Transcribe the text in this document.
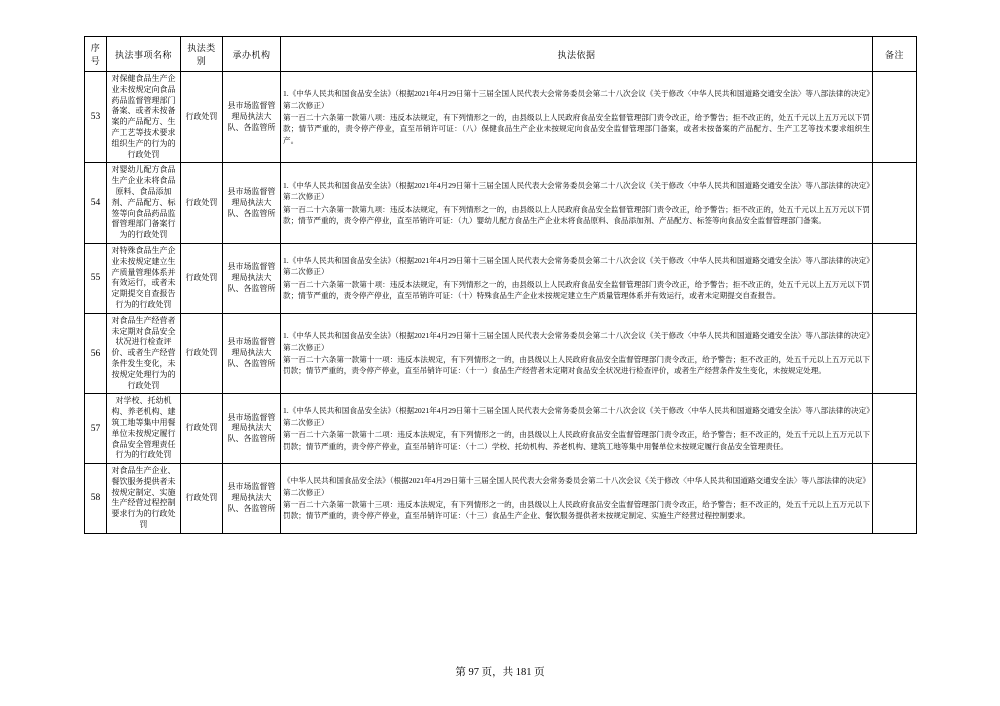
序号	执法事项名称	执法类别	承办机构	执法依据	备注
53	对保健食品生产企业未按规定向食品药品监督管理部门备案、或者未按备案的产品配方、生产工艺等技术要求组织生产的行为的行政处罚	行政处罚	县市场监督管理局执法大队、各监管所	1.《中华人民共和国食品安全法》（根据2021年4月29日第十三届全国人民代表大会常务委员会第二十八次会议《关于修改〈中华人民共和国道路交通安全法〉等八部法律的决定》第二次修正）

第一百二十六条第一款第八项：违反本法规定，有下列情形之一的，由县级以上人民政府食品安全监督管理部门责令改正，给予警告；拒不改正的，处五千元以上五万元以下罚款；情节严重的，责令停产停业，直至吊销许可证：（八）保健食品生产企业未按规定向食品安全监督管理部门备案，或者未按备案的产品配方、生产工艺等技术要求组织生产。	

54	对婴幼儿配方食品生产企业未将食品原料、食品添加剂、产品配方、标签等向食品药品监督管理部门备案行为的行政处罚	行政处罚	县市场监督管理局执法大队、各监管所	1.《中华人民共和国食品安全法》（根据2021年4月29日第十三届全国人民代表大会常务委员会第二十八次会议《关于修改〈中华人民共和国道路交通安全法〉等八部法律的决定》第二次修正）

第一百二十六条第一款第九项：违反本法规定，有下列情形之一的，由县级以上人民政府食品安全监督管理部门责令改正，给予警告；拒不改正的，处五千元以上五万元以下罚款；情节严重的，责令停产停业，直至吊销许可证：（九）婴幼儿配方食品生产企业未将食品原料、食品添加剂、产品配方、标签等向食品安全监督管理部门备案。	

55	对特殊食品生产企业未按规定建立生产质量管理体系并有效运行，或者未定期提交自查报告行为的行政处罚	行政处罚	县市场监督管理局执法大队、各监管所	1.《中华人民共和国食品安全法》（根据2021年4月29日第十三届全国人民代表大会常务委员会第二十八次会议《关于修改〈中华人民共和国道路交通安全法〉等八部法律的决定》第二次修正）

第一百二十六条第一款第十项：违反本法规定，有下列情形之一的，由县级以上人民政府食品安全监督管理部门责令改正，给予警告；拒不改正的，处五千元以上五万元以下罚款；情节严重的，责令停产停业，直至吊销许可证：（十）特殊食品生产企业未按规定建立生产质量管理体系并有效运行，或者未定期提交自查报告。	

56	对食品生产经营者未定期对食品安全状况进行检查评价、或者生产经营条件发生变化，未按规定处理行为的行政处罚	行政处罚	县市场监督管理局执法大队、各监管所	1.《中华人民共和国食品安全法》（根据2021年4月29日第十三届全国人民代表大会常务委员会第二十八次会议《关于修改〈中华人民共和国道路交通安全法〉等八部法律的决定》第二次修正）

第一百二十六条第一款第十一项：违反本法规定，有下列情形之一的，由县级以上人民政府食品安全监督管理部门责令改正，给予警告；拒不改正的，处五千元以上五万元以下罚款；情节严重的，责令停产停业，直至吊销许可证：（十一）食品生产经营者未定期对食品安全状况进行检查评价，或者生产经营条件发生变化，未按规定处理。	

57	对学校、托幼机构、养老机构、建筑工地等集中用餐单位未按规定履行食品安全管理责任行为的行政处罚	行政处罚	县市场监督管理局执法大队、各监管所	1.《中华人民共和国食品安全法》（根据2021年4月29日第十三届全国人民代表大会常务委员会第二十八次会议《关于修改〈中华人民共和国道路交通安全法〉等八部法律的决定》第二次修正）

第一百二十六条第一款第十二项：违反本法规定，有下列情形之一的，由县级以上人民政府食品安全监督管理部门责令改正，给予警告；拒不改正的，处五千元以上五万元以下罚款；情节严重的，责令停产停业，直至吊销许可证：（十二）学校、托幼机构、养老机构、建筑工地等集中用餐单位未按规定履行食品安全管理责任。	

58	对食品生产企业、餐饮服务提供者未按规定制定、实施生产经营过程控制要求行为的行政处罚	行政处罚	县市场监督管理局执法大队、各监管所	《中华人民共和国食品安全法》（根据2021年4月29日第十三届全国人民代表大会常务委员会第二十八次会议《关于修改〈中华人民共和国道路交通安全法〉等八部法律的决定》第二次修正）

第一百二十六条第一款第十三项：违反本法规定，有下列情形之一的，由县级以上人民政府食品安全监督管理部门责令改正，给予警告；拒不改正的，处五千元以上五万元以下罚款；情节严重的，责令停产停业，直至吊销许可证：（十三）食品生产企业、餐饮服务提供者未按规定制定、实施生产经营过程控制要求。	

第 97 页，共 181 页
